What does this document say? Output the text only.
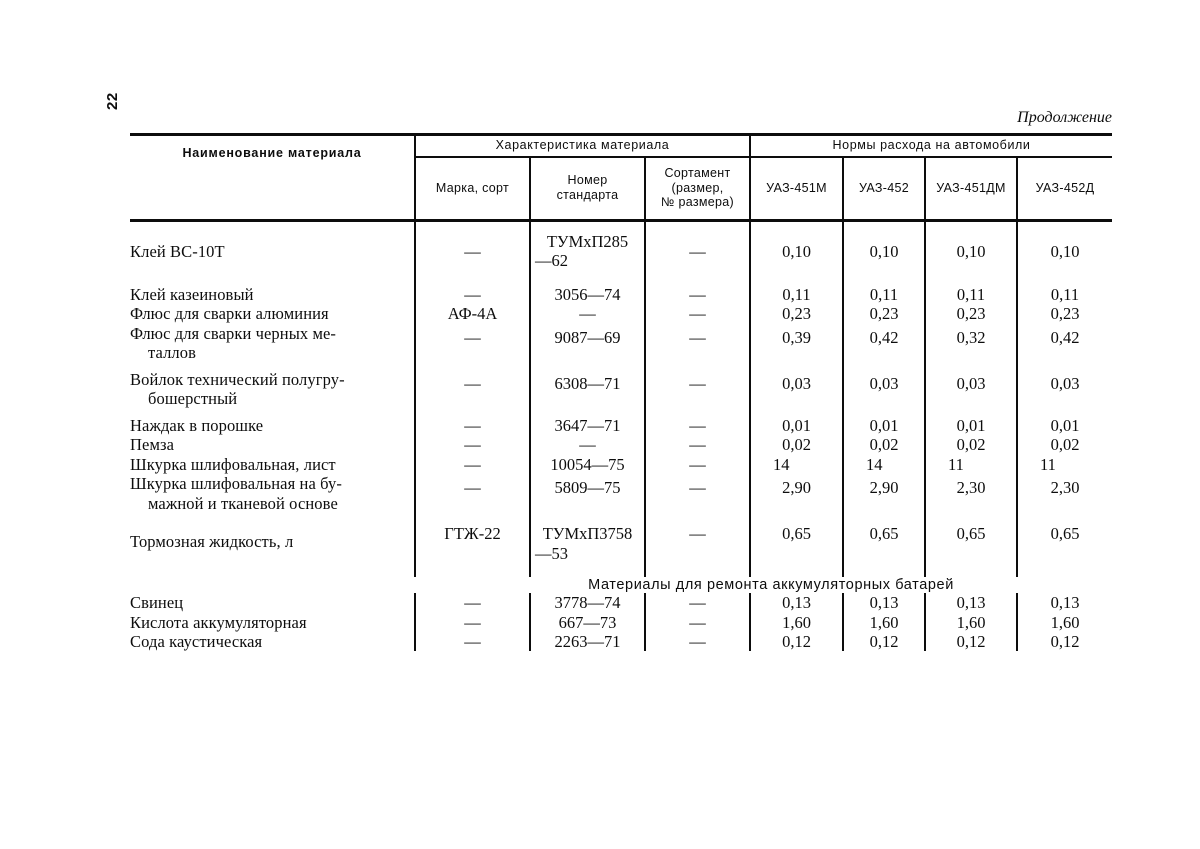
22
Продолжение
Наименование материала	Характеристика материала			Нормы расхода на автомобили			
	Марка, сорт	Номер
стандарта	Сортамент
(размер,
№ размера)	УАЗ-451М	УАЗ-452	УАЗ-451ДМ	УАЗ-452Д

Клей ВС-10Т	—	ТУМхП285
—62	—	0,10	0,10	0,10	0,10

Клей казеиновый	—	3056—74	—	0,11	0,11	0,11	0,11

Флюс для сварки алюминия	АФ-4А	—	—	0,23	0,23	0,23	0,23

Флюс для сварки черных ме-
таллов	—	9087—69	—	0,39	0,42	0,32	0,42

Войлок технический полугру-
бошерстный	—	6308—71	—	0,03	0,03	0,03	0,03

Наждак в порошке	—	3647—71	—	0,01	0,01	0,01	0,01

Пемза	—	—	—	0,02	0,02	0,02	0,02

Шкурка шлифовальная, лист	—	10054—75	—	14	14	11	11

Шкурка шлифовальная на бу-
мажной и тканевой основе	—	5809—75	—	2,90	2,90	2,30	2,30

Тормозная жидкость, л	ГТЖ-22	ТУМхП3758
—53	—	0,65	0,65	0,65	0,65

Материалы для ремонта аккумуляторных батарей							

Свинец	—	3778—74	—	0,13	0,13	0,13	0,13

Кислота аккумуляторная	—	667—73	—	1,60	1,60	1,60	1,60

Сода каустическая	—	2263—71	—	0,12	0,12	0,12	0,12
